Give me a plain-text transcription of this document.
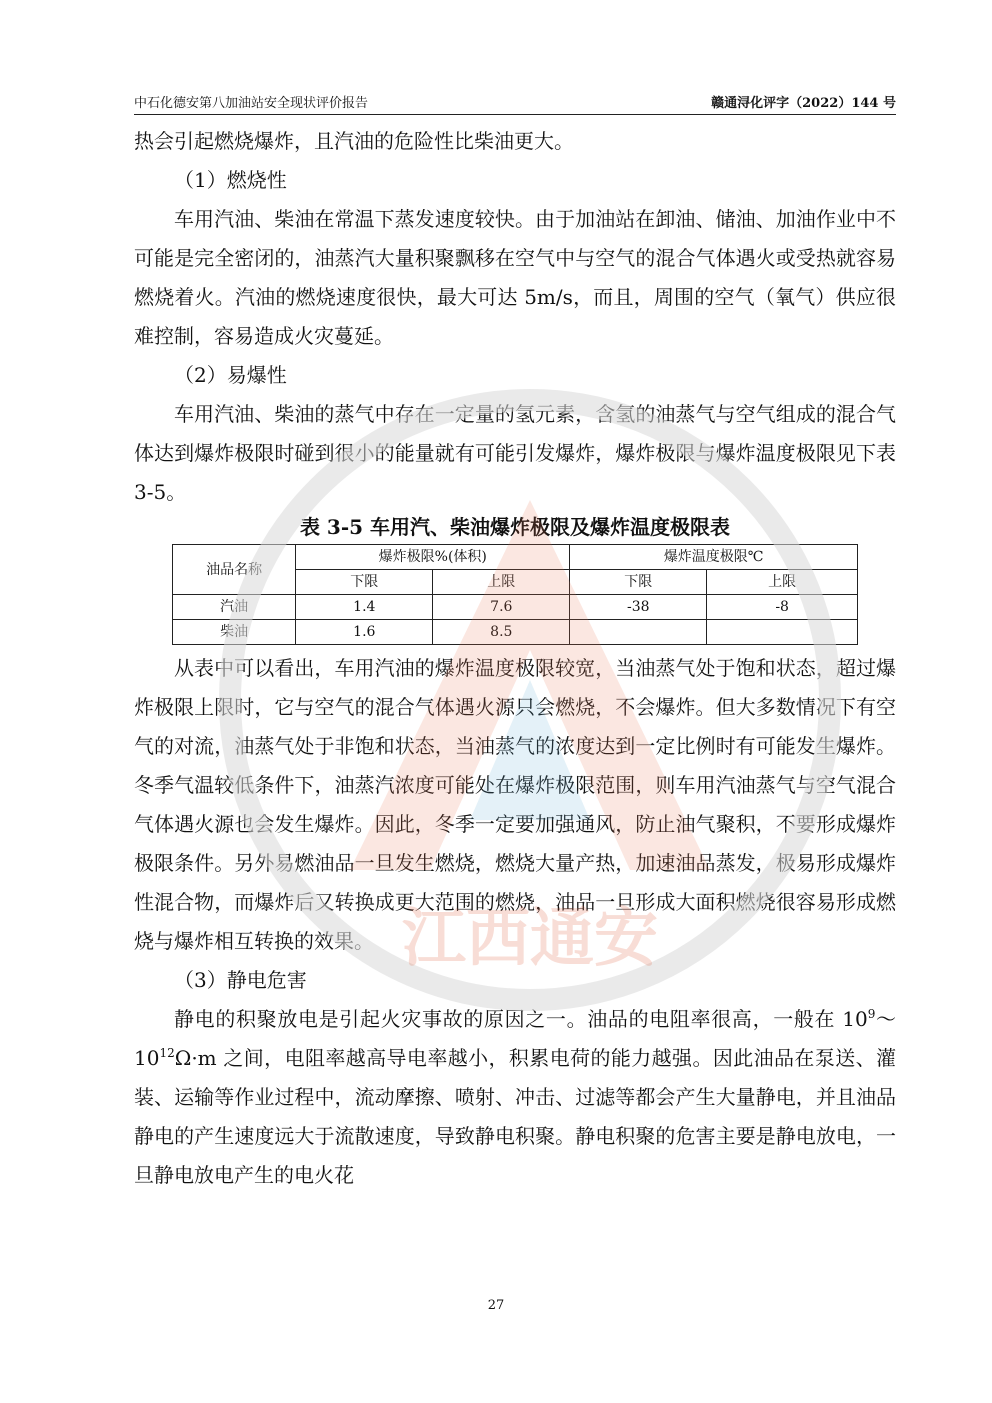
中石化德安第八加油站安全现状评价报告	赣通浔化评字（2022）144 号

热会引起燃烧爆炸，且汽油的危险性比柴油更大。

（1）燃烧性

车用汽油、柴油在常温下蒸发速度较快。由于加油站在卸油、储油、加油作业中不可能是完全密闭的，油蒸汽大量积聚飘移在空气中与空气的混合气体遇火或受热就容易燃烧着火。汽油的燃烧速度很快，最大可达 5m/s，而且，周围的空气（氧气）供应很难控制，容易造成火灾蔓延。

（2）易爆性

车用汽油、柴油的蒸气中存在一定量的氢元素，含氢的油蒸气与空气组成的混合气体达到爆炸极限时碰到很小的能量就有可能引发爆炸，爆炸极限与爆炸温度极限见下表 3-5。

表 3-5 车用汽、柴油爆炸极限及爆炸温度极限表
油品名称	爆炸极限%(体积)		爆炸温度极限℃	
	下限	上限	下限	上限
汽油	1.4	7.6	-38	-8
柴油	1.6	8.5		

从表中可以看出，车用汽油的爆炸温度极限较宽，当油蒸气处于饱和状态，超过爆炸极限上限时，它与空气的混合气体遇火源只会燃烧，不会爆炸。但大多数情况下有空气的对流，油蒸气处于非饱和状态，当油蒸气的浓度达到一定比例时有可能发生爆炸。冬季气温较低条件下，油蒸汽浓度可能处在爆炸极限范围，则车用汽油蒸气与空气混合气体遇火源也会发生爆炸。因此，冬季一定要加强通风，防止油气聚积，不要形成爆炸极限条件。另外易燃油品一旦发生燃烧，燃烧大量产热，加速油品蒸发，极易形成爆炸性混合物，而爆炸后又转换成更大范围的燃烧，油品一旦形成大面积燃烧很容易形成燃烧与爆炸相互转换的效果。

（3）静电危害

静电的积聚放电是引起火灾事故的原因之一。油品的电阻率很高，一般在 $10^9\sim 10^{12}\Omega\cdot m$ 之间，电阻率越高导电率越小，积累电荷的能力越强。因此油品在泵送、灌装、运输等作业过程中，流动摩擦、喷射、冲击、过滤等都会产生大量静电，并且油品静电的产生速度远大于流散速度，导致静电积聚。静电积聚的危害主要是静电放电，一旦静电放电产生的电火花

江西通安
27
